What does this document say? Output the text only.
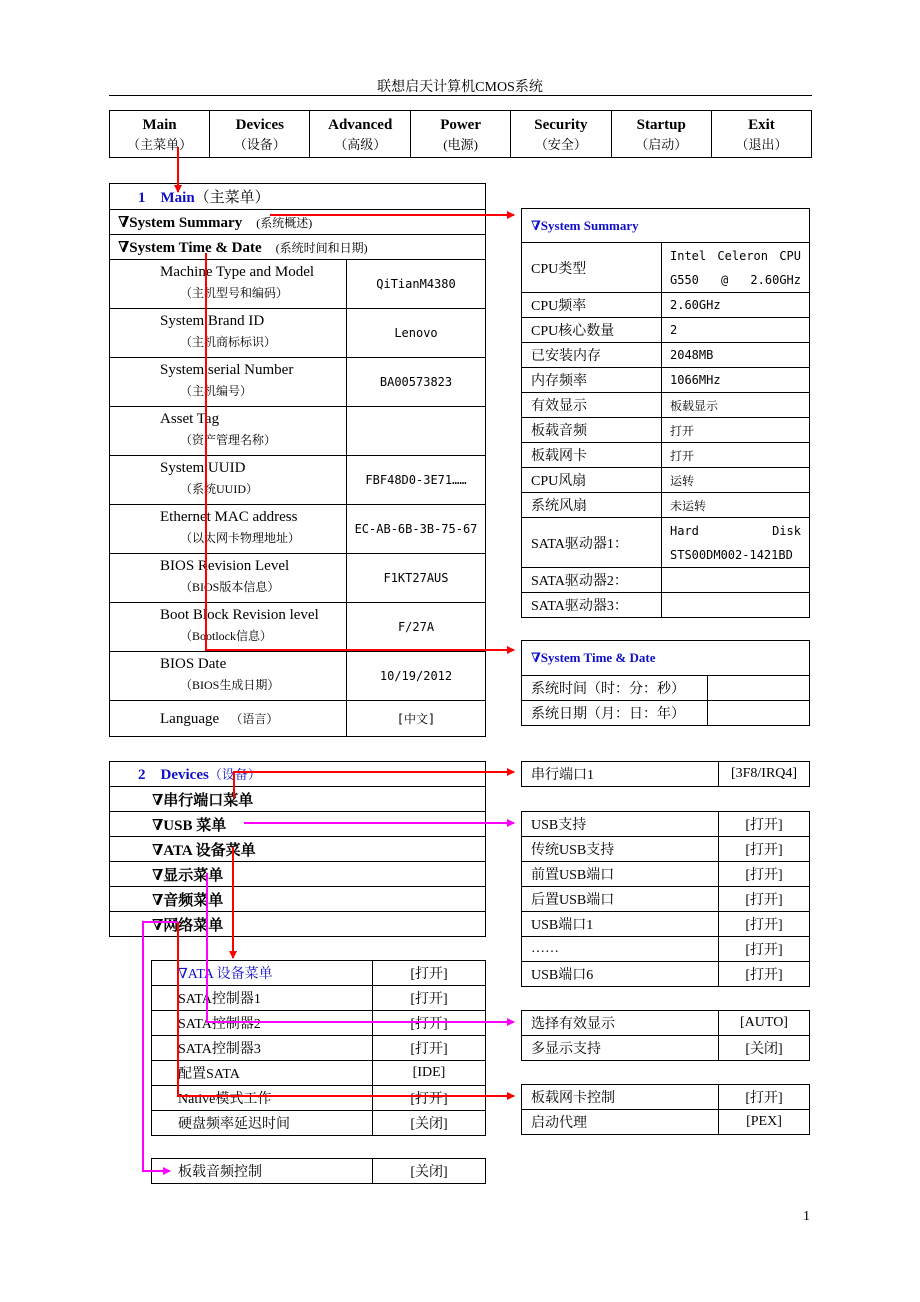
联想启天计算机CMOS系统
Main
（主菜单）

Devices
（设备）

Advanced
（高级）

Power
(电源)

Security
（安全）

Startup
（启动）

Exit
（退出）
1 Main（主菜单）	
∇System Summary (系统概述)	
∇System Time & Date (系统时间和日期)	

Machine Type and Model
（主机型号和编码）	QiTianM4380

System Brand ID
（主机商标标识）	Lenovo

System serial Number
（主机编号）	BA00573823

Asset Tag
（资产管理名称）	

System UUID
（系统UUID）	FBF48D0-3E71……

Ethernet MAC address
（以太网卡物理地址）	EC-AB-6B-3B-75-67

BIOS Revision Level
（BIOS版本信息）	F1KT27AUS

Boot Block Revision level
（Bootlock信息）	F/27A

BIOS Date
（BIOS生成日期）	10/19/2012
Language （语言）	[中文]
∇System Summary	
CPU类型	Intel Celeron CPU G550 @ 2.60GHz
CPU频率	2.60GHz
CPU核心数量	2
已安装内存	2048MB
内存频率	1066MHz
有效显示	板载显示
板载音频	打开
板载网卡	打开
CPU风扇	运转
系统风扇	未运转
SATA驱动器1：	Hard Disk STS00DM002-1421BD
SATA驱动器2：	
SATA驱动器3：	
∇System Time & Date	
系统时间（时：分：秒）	
系统日期（月：日：年）	
2 Devices（设备）
∇串行端口菜单
∇USB 菜单
∇ATA 设备菜单
∇显示菜单
∇音频菜单
∇网络菜单
串行端口1	[3F8/IRQ4]
USB支持	[打开]
传统USB支持	[打开]
前置USB端口	[打开]
后置USB端口	[打开]
USB端口1	[打开]
……	[打开]
USB端口6	[打开]
∇ATA 设备菜单	[打开]
SATA控制器1	[打开]
SATA控制器2	[打开]
SATA控制器3	[打开]
配置SATA	[IDE]
Native模式工作	[打开]
硬盘频率延迟时间	[关闭]
选择有效显示	[AUTO]
多显示支持	[关闭]
板载网卡控制	[打开]
启动代理	[PEX]
板载音频控制	[关闭]
1
